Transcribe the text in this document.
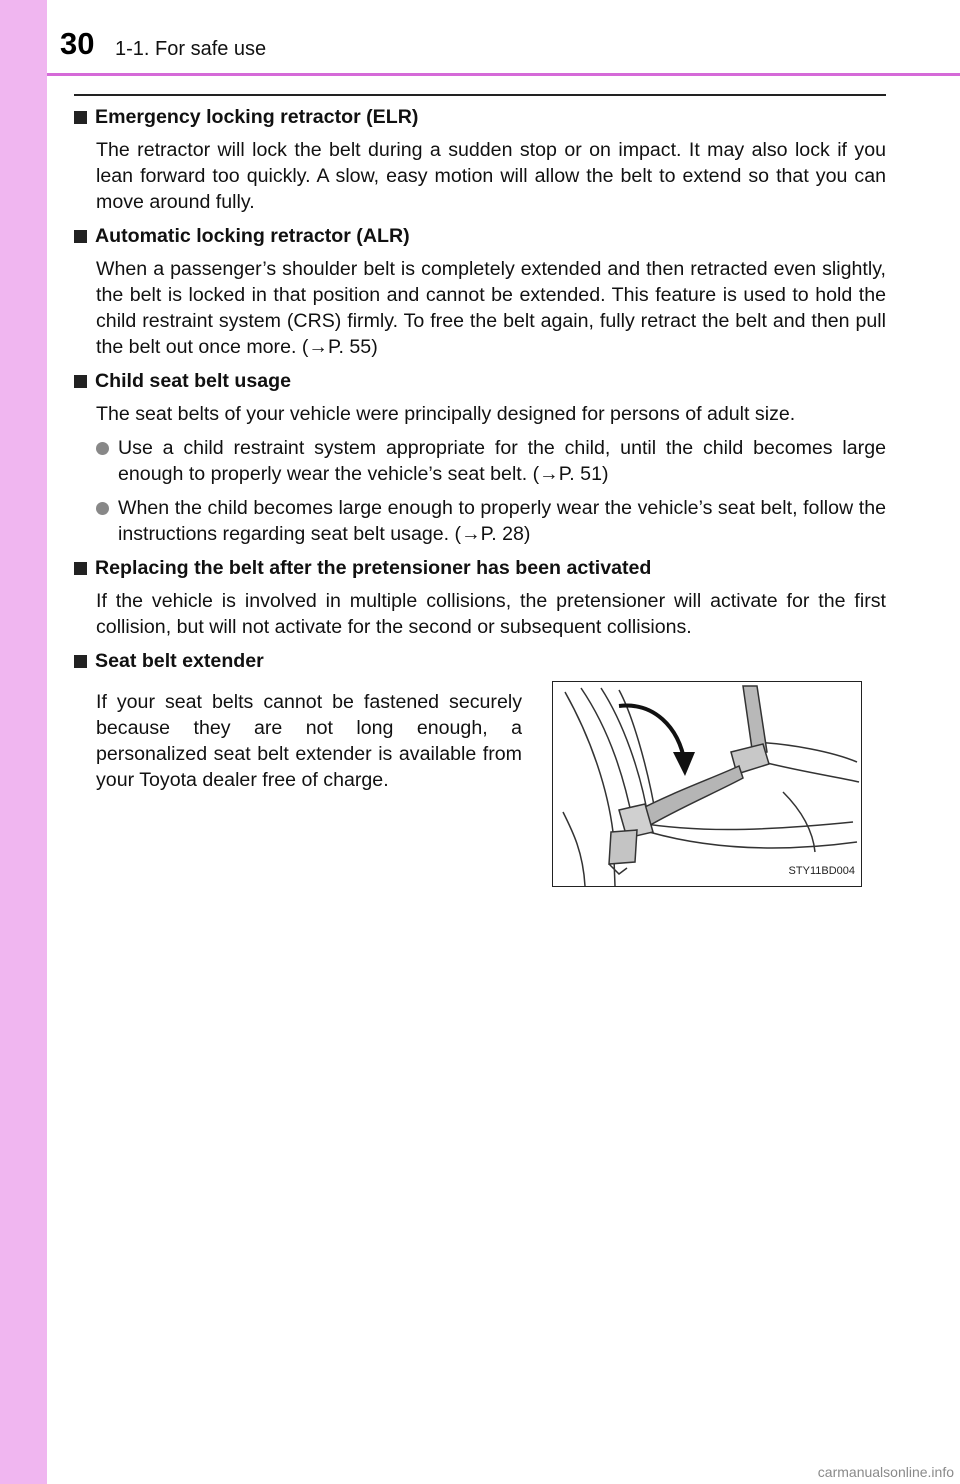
30 1-1. For safe use
Emergency locking retractor (ELR)
The retractor will lock the belt during a sudden stop or on impact. It may also lock if you lean forward too quickly. A slow, easy motion will allow the belt to extend so that you can move around fully.
Automatic locking retractor (ALR)
When a passenger’s shoulder belt is completely extended and then retracted even slightly, the belt is locked in that position and cannot be extended. This feature is used to hold the child restraint system (CRS) firmly. To free the belt again, fully retract the belt and then pull the belt out once more. (→P. 55)
Child seat belt usage
The seat belts of your vehicle were principally designed for persons of adult size.
Use a child restraint system appropriate for the child, until the child becomes large enough to properly wear the vehicle’s seat belt. (→P. 51)
When the child becomes large enough to properly wear the vehicle’s seat belt, follow the instructions regarding seat belt usage. (→P. 28)
Replacing the belt after the pretensioner has been activated
If the vehicle is involved in multiple collisions, the pretensioner will activate for the first collision, but will not activate for the second or subsequent collisions.
Seat belt extender
If your seat belts cannot be fastened securely because they are not long enough, a personalized seat belt extender is available from your Toyota dealer free of charge.
STY11BD004
carmanualsonline.info
